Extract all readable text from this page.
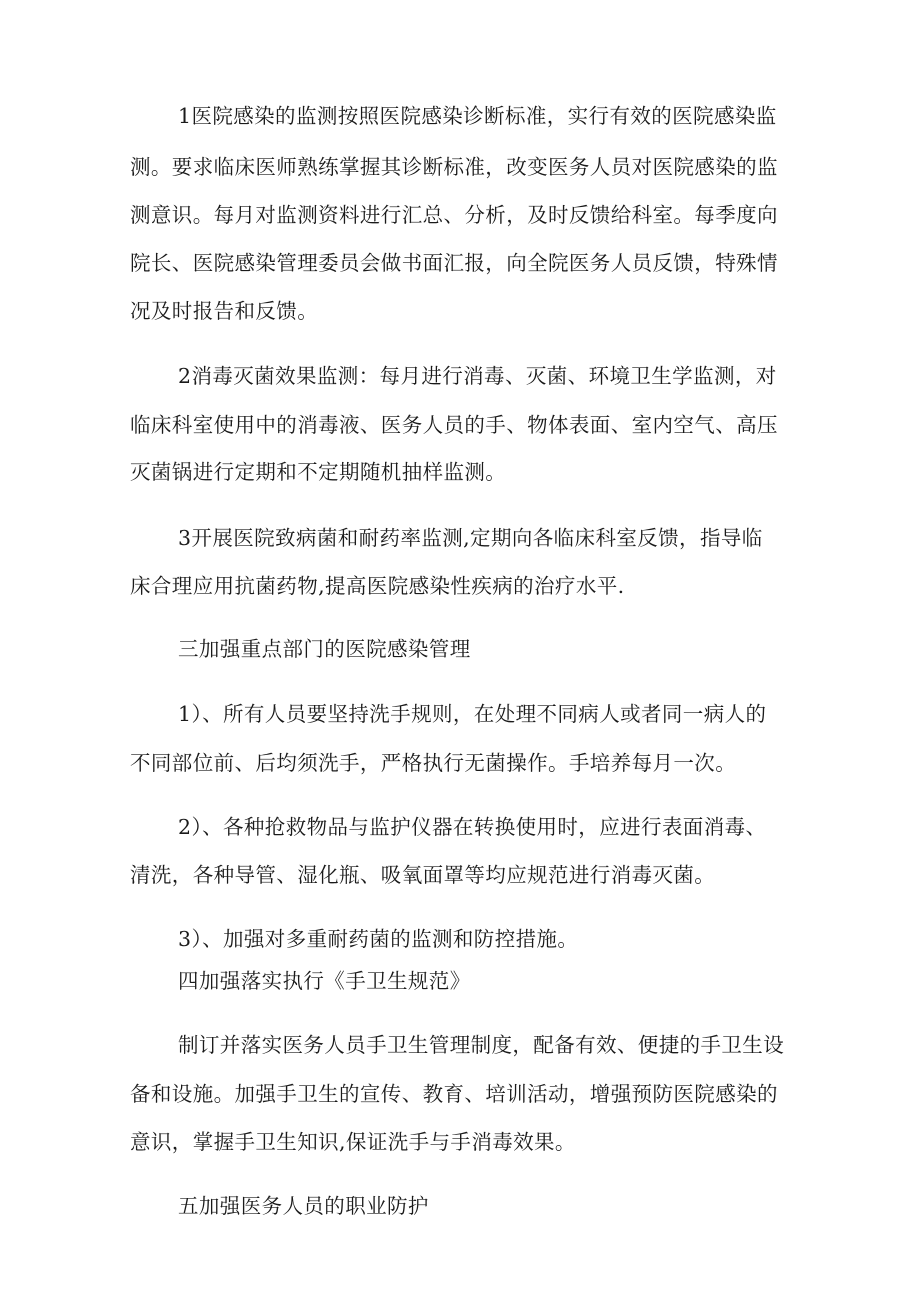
1医院感染的监测按照医院感染诊断标准，实行有效的医院感染监
测。要求临床医师熟练掌握其诊断标准，改变医务人员对医院感染的监
测意识。每月对监测资料进行汇总、分析，及时反馈给科室。每季度向
院长、医院感染管理委员会做书面汇报，向全院医务人员反馈，特殊情
况及时报告和反馈。
2消毒灭菌效果监测：每月进行消毒、灭菌、环境卫生学监测，对
临床科室使用中的消毒液、医务人员的手、物体表面、室内空气、高压
灭菌锅进行定期和不定期随机抽样监测。
3开展医院致病菌和耐药率监测,定期向各临床科室反馈，指导临
床合理应用抗菌药物,提高医院感染性疾病的治疗水平.
三加强重点部门的医院感染管理
1）、所有人员要坚持洗手规则，在处理不同病人或者同一病人的
不同部位前、后均须洗手，严格执行无菌操作。手培养每月一次。
2）、各种抢救物品与监护仪器在转换使用时，应进行表面消毒、
清洗，各种导管、湿化瓶、吸氧面罩等均应规范进行消毒灭菌。
3）、加强对多重耐药菌的监测和防控措施。
四加强落实执行《手卫生规范》
制订并落实医务人员手卫生管理制度，配备有效、便捷的手卫生设
备和设施。加强手卫生的宣传、教育、培训活动，增强预防医院感染的
意识，掌握手卫生知识,保证洗手与手消毒效果。
五加强医务人员的职业防护
